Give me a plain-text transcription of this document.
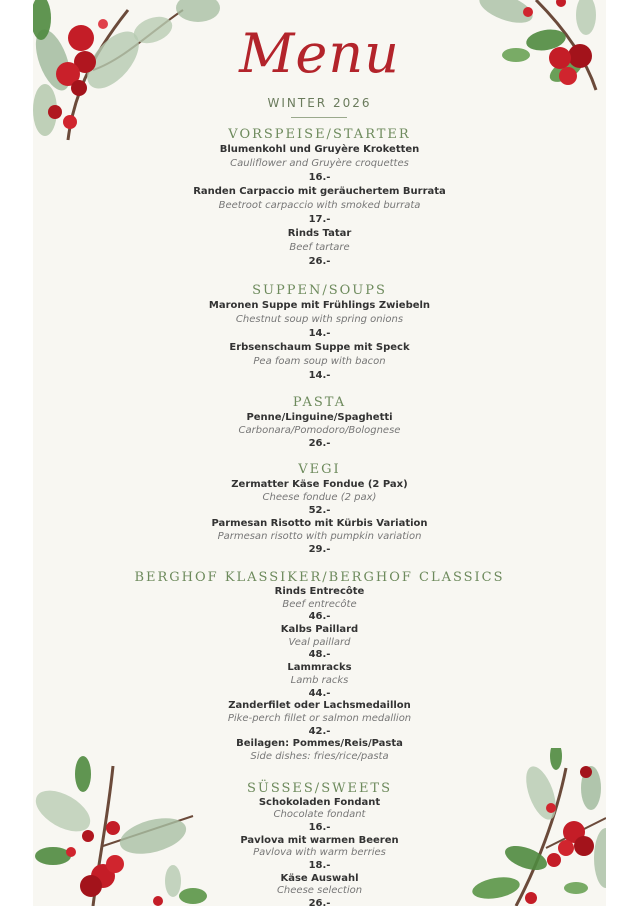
Menu
WINTER 2026
VORSPEISE/STARTER
Blumenkohl und Gruyère Kroketten
Cauliflower and Gruyère croquettes
16.-
Randen Carpaccio mit geräuchertem Burrata
Beetroot carpaccio with smoked burrata
17.-
Rinds Tatar
Beef tartare
26.-
SUPPEN/SOUPS
Maronen Suppe mit Frühlings Zwiebeln
Chestnut soup with spring onions
14.-
Erbsenschaum Suppe mit Speck
Pea foam soup with bacon
14.-
PASTA
Penne/Linguine/Spaghetti
Carbonara/Pomodoro/Bolognese
26.-
VEGI
Zermatter Käse Fondue (2 Pax)
Cheese fondue (2 pax)
52.-
Parmesan Risotto mit Kürbis Variation
Parmesan risotto with pumpkin variation
29.-
BERGHOF KLASSIKER/BERGHOF CLASSICS
Rinds Entrecôte
Beef entrecôte
46.-
Kalbs Paillard
Veal paillard
48.-
Lammracks
Lamb racks
44.-
Zanderfilet oder Lachsmedaillon
Pike-perch fillet or salmon medallion
42.-
Beilagen: Pommes/Reis/Pasta
Side dishes: fries/rice/pasta
SÜSSES/SWEETS
Schokoladen Fondant
Chocolate fondant
16.-
Pavlova mit warmen Beeren
Pavlova with warm berries
18.-
Käse Auswahl
Cheese selection
26.-
